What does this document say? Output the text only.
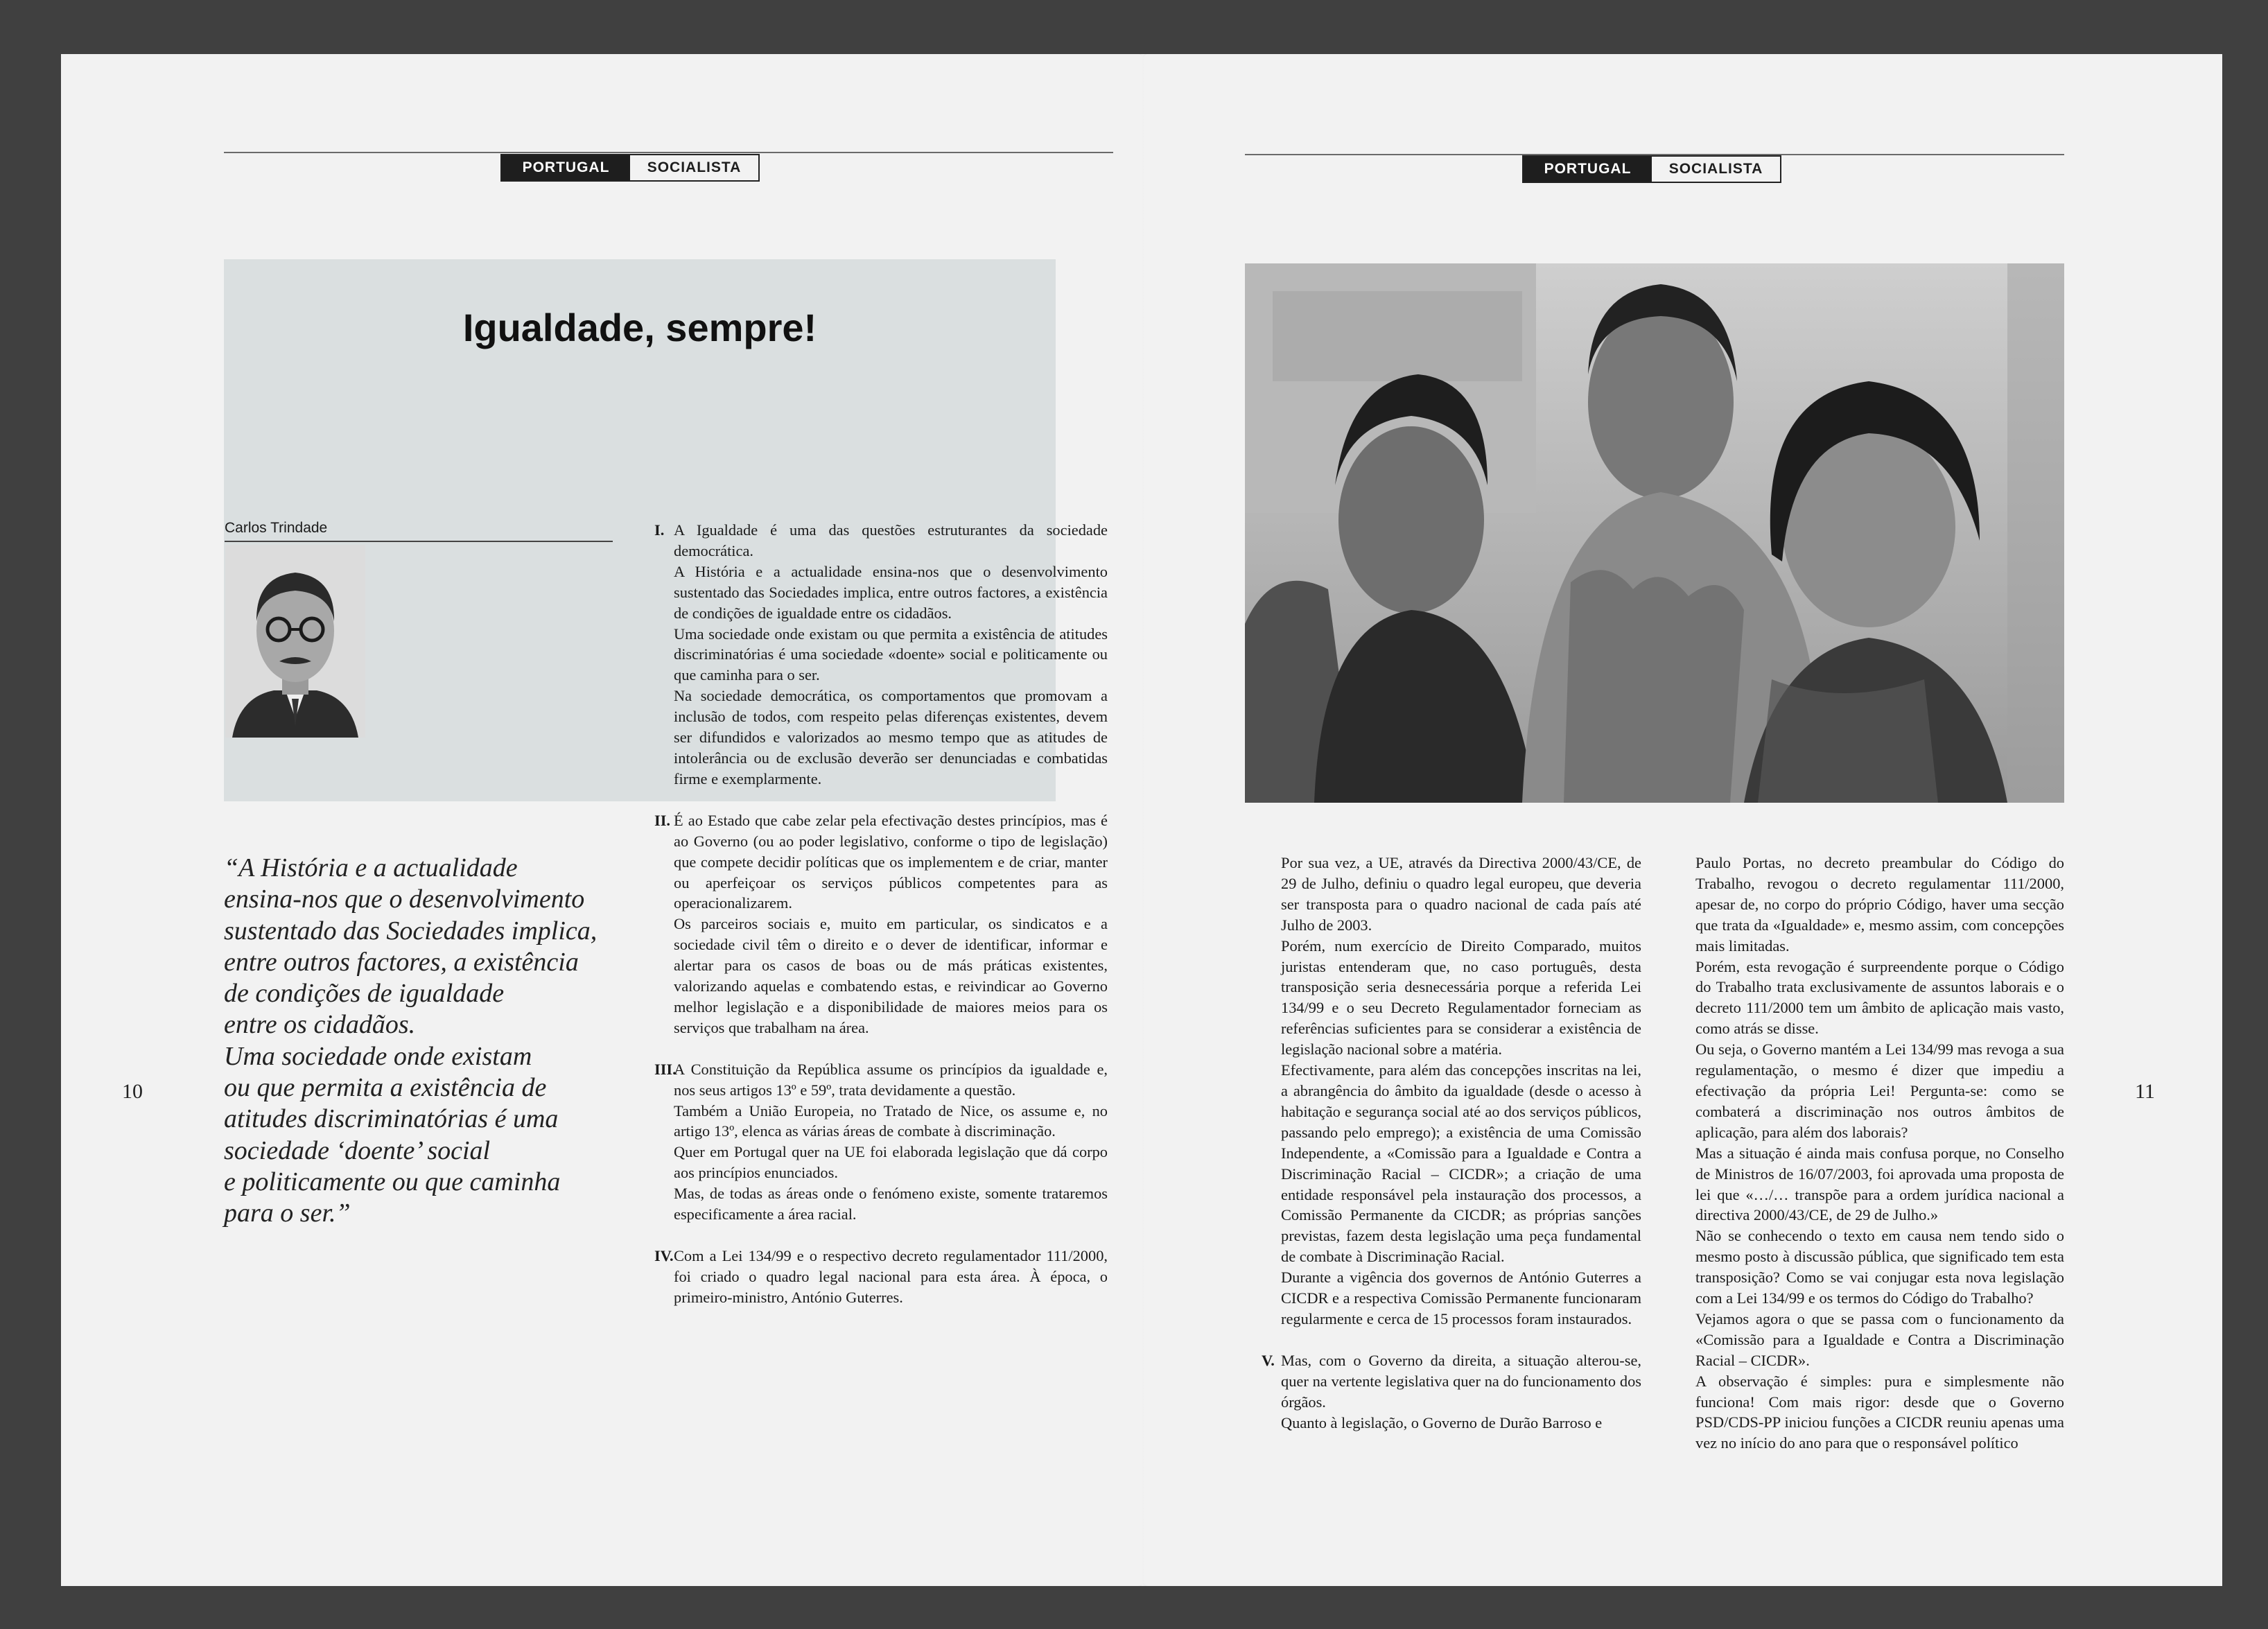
PORTUGAL	SOCIALISTA
Igualdade, sempre!
Carlos Trindade

“A História e a actualidade

ensina-nos que o desenvolvimento

sustentado das Sociedades implica,

entre outros factores, a existência

de condições de igualdade

entre os cidadãos.

Uma sociedade onde existam

ou que permita a existência de

atitudes discriminatórias é uma

sociedade ‘doente’ social

e politicamente ou que caminha

para o ser.”

10
I. A Igualdade é uma das questões estruturantes da sociedade democrática.

A História e a actualidade ensina-nos que o desenvolvimento sustentado das Sociedades implica, entre outros factores, a existência de condições de igualdade entre os cidadãos.

Uma sociedade onde existam ou que permita a existência de atitudes discriminatórias é uma sociedade «doente» social e politicamente ou que caminha para o ser.

Na sociedade democrática, os comportamentos que promovam a inclusão de todos, com respeito pelas diferenças existentes, devem ser difundidos e valorizados ao mesmo tempo que as atitudes de intolerância ou de exclusão deverão ser denunciadas e combatidas firme e exemplarmente.

II. É ao Estado que cabe zelar pela efectivação destes princípios, mas é ao Governo (ou ao poder legislativo, conforme o tipo de legislação) que compete decidir políticas que os implementem e de criar, manter ou aperfeiçoar os serviços públicos competentes para as operacionalizarem.

Os parceiros sociais e, muito em particular, os sindicatos e a sociedade civil têm o direito e o dever de identificar, informar e alertar para os casos de boas ou de más práticas existentes, valorizando aquelas e combatendo estas, e reivindicar ao Governo melhor legislação e a disponibilidade de maiores meios para os serviços que trabalham na área.

III.

A Constituição da República assume os princípios da igualdade e, nos seus artigos 13º e 59º, trata devidamente a questão.

Também a União Europeia, no Tratado de Nice, os assume e, no artigo 13º, elenca as várias áreas de combate à discriminação.

Quer em Portugal quer na UE foi elaborada legislação que dá corpo aos princípios enunciados.

Mas, de todas as áreas onde o fenómeno existe, somente trataremos especificamente a área racial.

IV. Com a Lei 134/99 e o respectivo decreto regulamentador 111/2000, foi criado o quadro legal nacional para esta área. À época, o primeiro-ministro, António Guterres.

PORTUGAL	SOCIALISTA

Por sua vez, a UE, através da Directiva 2000/43/CE, de 29 de Julho, definiu o quadro legal europeu, que deveria ser transposta para o quadro nacional de cada país até Julho de 2003.

Porém, num exercício de Direito Comparado, muitos juristas entenderam que, no caso português, desta transposição seria desnecessária porque a referida Lei 134/99 e o seu Decreto Regulamentador forneciam as referências suficientes para se considerar a existência de legislação nacional sobre a matéria.

Efectivamente, para além das concepções inscritas na lei, a abrangência do âmbito da igualdade (desde o acesso à habitação e segurança social até ao dos serviços públicos, passando pelo emprego); a existência de uma Comissão Independente, a «Comissão para a Igualdade e Contra a Discriminação Racial – CICDR»; a criação de uma entidade responsável pela instauração dos processos, a Comissão Permanente da CICDR; as próprias sanções previstas, fazem desta legislação uma peça fundamental de combate à Discriminação Racial.

Durante a vigência dos governos de António Guterres a CICDR e a respectiva Comissão Permanente funcionaram regularmente e cerca de 15 processos foram instaurados.

V. Mas, com o Governo da direita, a situação alterou-se, quer na vertente legislativa quer na do funcionamento dos órgãos.

Quanto à legislação, o Governo de Durão Barroso e

Paulo Portas, no decreto preambular do Código do Trabalho, revogou o decreto regulamentar 111/2000, apesar de, no corpo do próprio Código, haver uma secção que trata da «Igualdade» e, mesmo assim, com concepções mais limitadas.

Porém, esta revogação é surpreendente porque o Código do Trabalho trata exclusivamente de assuntos laborais e o decreto 111/2000 tem um âmbito de aplicação mais vasto, como atrás se disse.

Ou seja, o Governo mantém a Lei 134/99 mas revoga a sua regulamentação, o mesmo é dizer que impediu a efectivação da própria Lei! Pergunta-se: como se combaterá a discriminação nos outros âmbitos de aplicação, para além dos laborais?

Mas a situação é ainda mais confusa porque, no Conselho de Ministros de 16/07/2003, foi aprovada uma proposta de lei que «…/… transpõe para a ordem jurídica nacional a directiva 2000/43/CE, de 29 de Julho.»

Não se conhecendo o texto em causa nem tendo sido o mesmo posto à discussão pública, que significado tem esta transposição? Como se vai conjugar esta nova legislação com a Lei 134/99 e os termos do Código do Trabalho?

Vejamos agora o que se passa com o funcionamento da «Comissão para a Igualdade e Contra a Discriminação Racial – CICDR».

A observação é simples: pura e simplesmente não funciona! Com mais rigor: desde que o Governo PSD/CDS-PP iniciou funções a CICDR reuniu apenas uma vez no início do ano para que o responsável político

11
